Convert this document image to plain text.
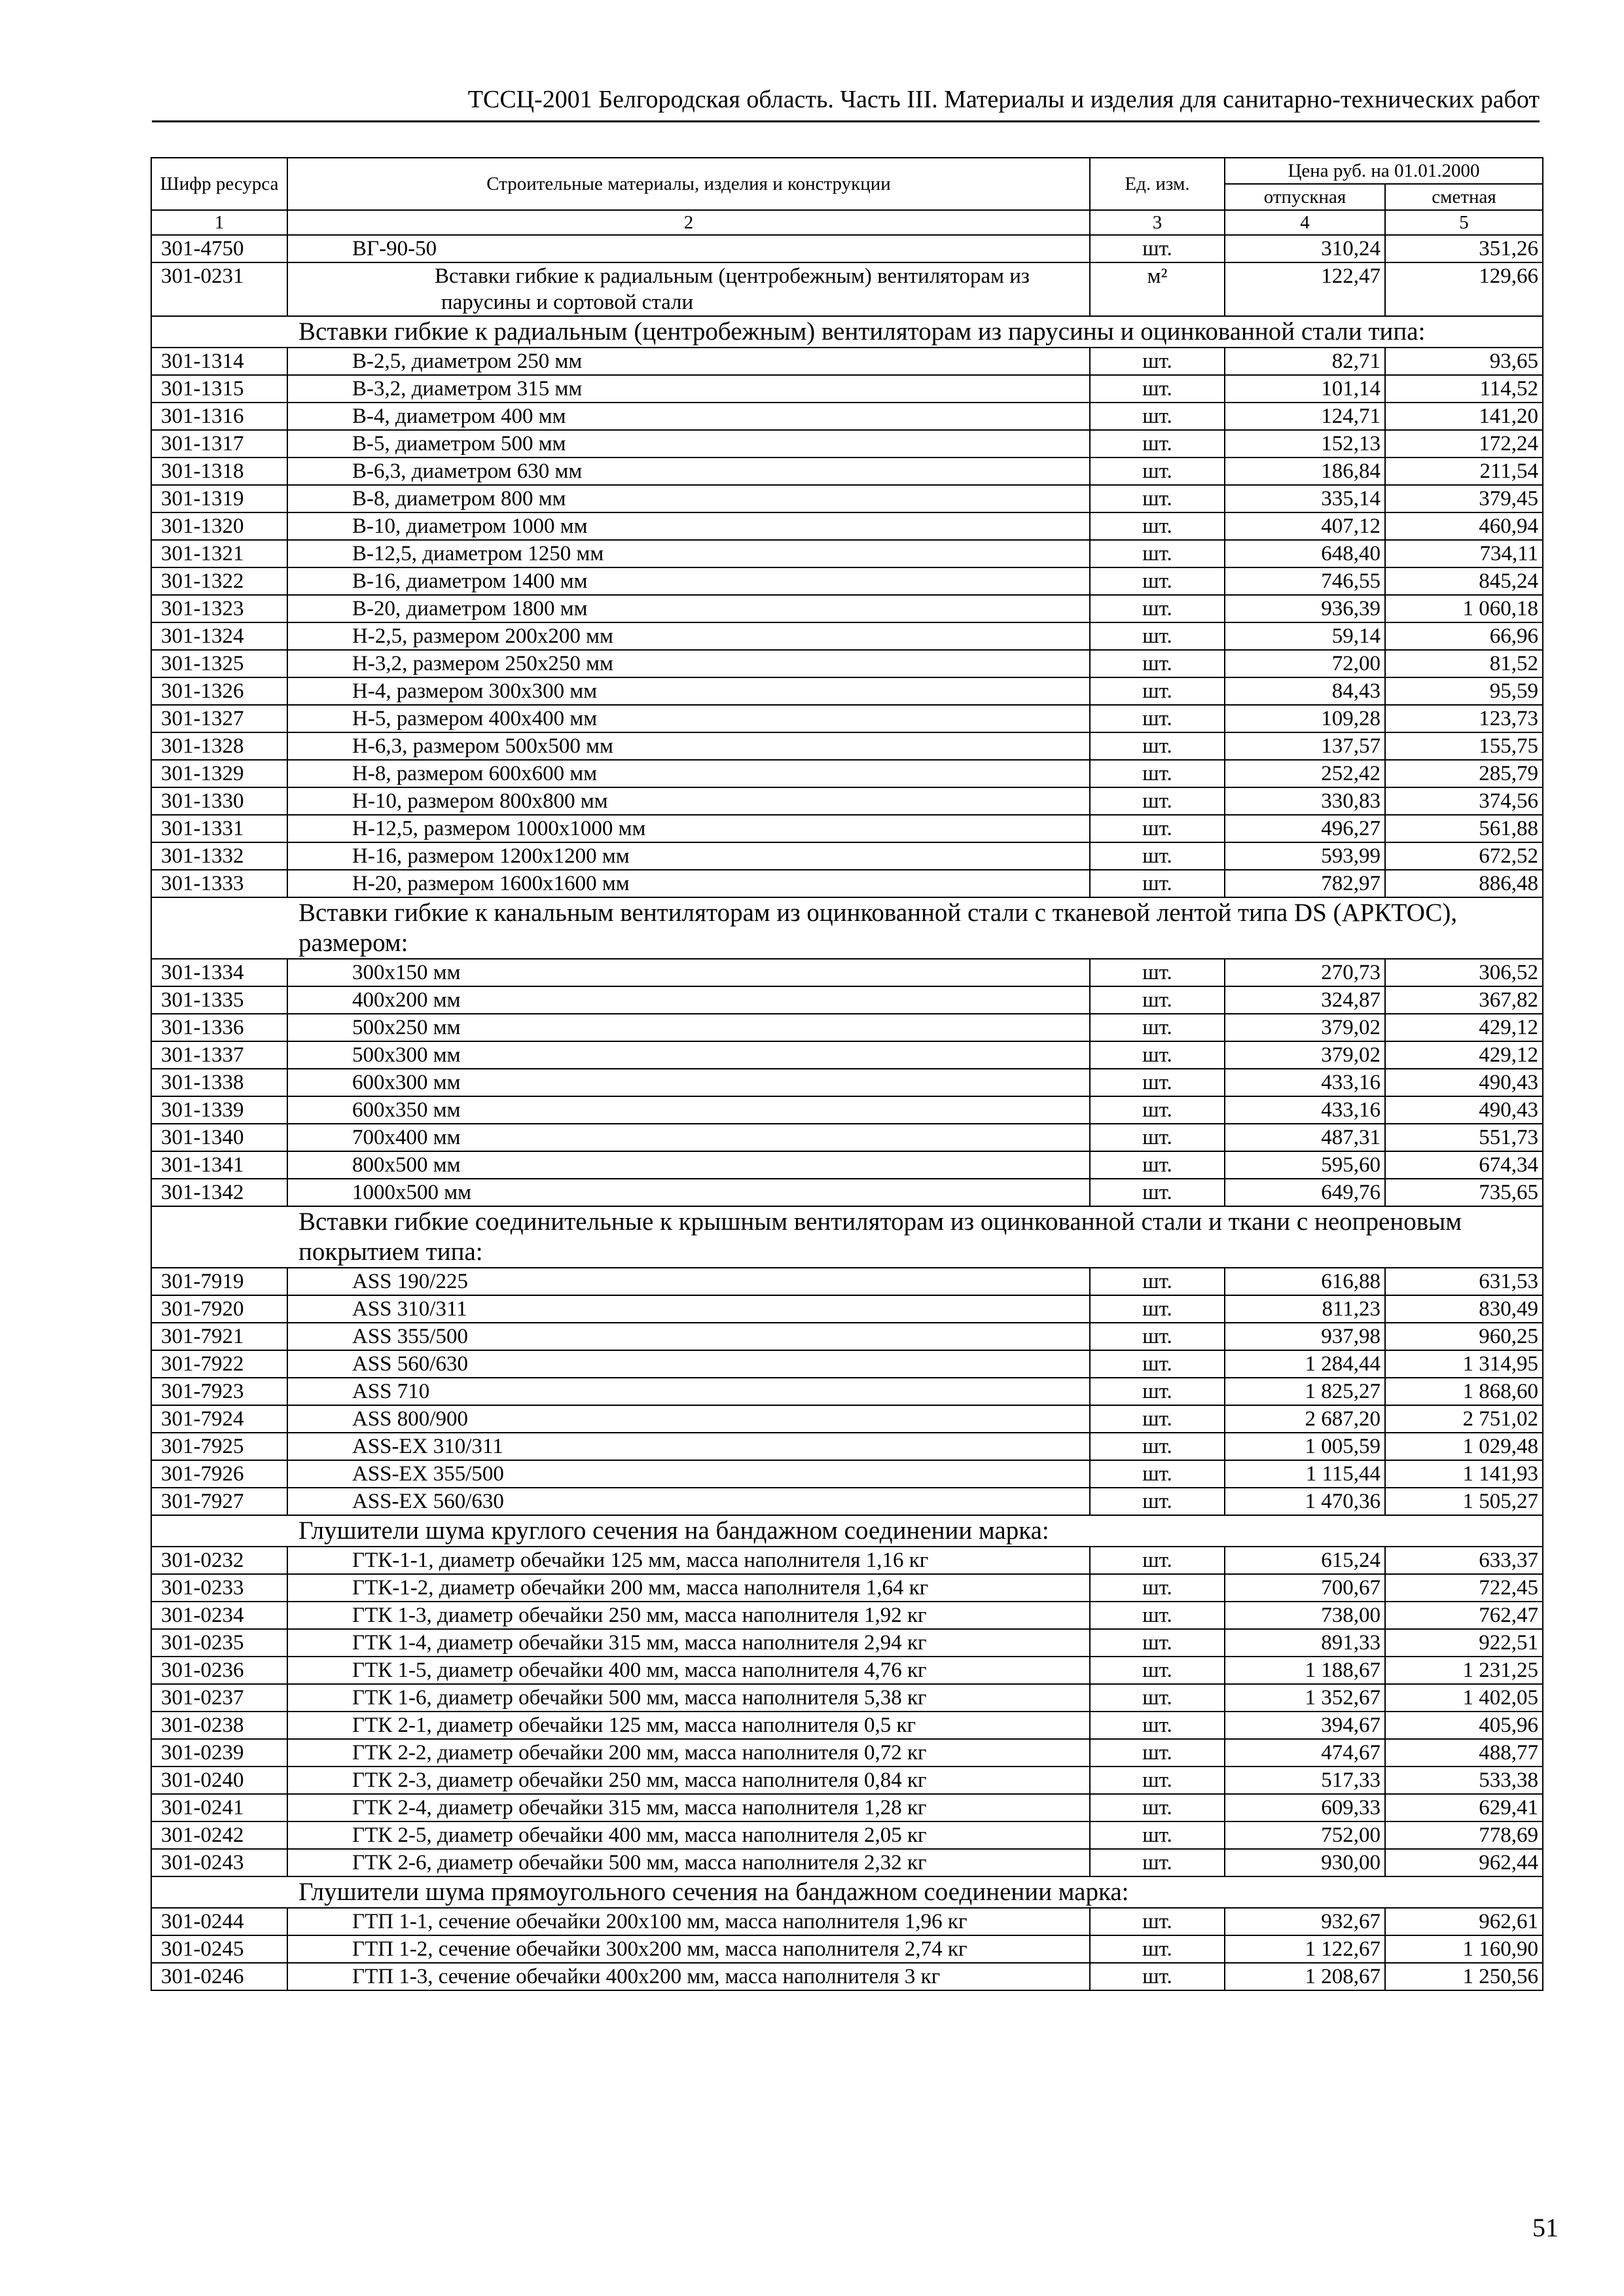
ТССЦ-2001 Белгородская область. Часть III. Материалы и изделия для санитарно-технических работ
Шифр ресурса	Строительные материалы, изделия и конструкции	Ед. изм.	Цена руб. на 01.01.2000	
			отпускная	сметная
1	2	3	4	5
301-4750	ВГ-90-50	шт.	310,24	351,26
301-0231	Вставки гибкие к радиальным (центробежным) вентиляторам из парусины и сортовой стали	м²	122,47	129,66
Вставки гибкие к радиальным (центробежным) вентиляторам из парусины и оцинкованной стали типа:				
301-1314	В-2,5, диаметром 250 мм	шт.	82,71	93,65
301-1315	В-3,2, диаметром 315 мм	шт.	101,14	114,52
301-1316	В-4, диаметром 400 мм	шт.	124,71	141,20
301-1317	В-5, диаметром 500 мм	шт.	152,13	172,24
301-1318	В-6,3, диаметром 630 мм	шт.	186,84	211,54
301-1319	В-8, диаметром 800 мм	шт.	335,14	379,45
301-1320	В-10, диаметром 1000 мм	шт.	407,12	460,94
301-1321	В-12,5, диаметром 1250 мм	шт.	648,40	734,11
301-1322	В-16, диаметром 1400 мм	шт.	746,55	845,24
301-1323	В-20, диаметром 1800 мм	шт.	936,39	1 060,18
301-1324	Н-2,5, размером 200х200 мм	шт.	59,14	66,96
301-1325	Н-3,2, размером 250х250 мм	шт.	72,00	81,52
301-1326	Н-4, размером 300х300 мм	шт.	84,43	95,59
301-1327	Н-5, размером 400х400 мм	шт.	109,28	123,73
301-1328	Н-6,3, размером 500х500 мм	шт.	137,57	155,75
301-1329	Н-8, размером 600х600 мм	шт.	252,42	285,79
301-1330	Н-10, размером 800х800 мм	шт.	330,83	374,56
301-1331	Н-12,5, размером 1000х1000 мм	шт.	496,27	561,88
301-1332	Н-16, размером 1200х1200 мм	шт.	593,99	672,52
301-1333	Н-20, размером 1600х1600 мм	шт.	782,97	886,48
Вставки гибкие к канальным вентиляторам из оцинкованной стали с тканевой лентой типа DS (АРКТОС), размером:				
301-1334	300х150 мм	шт.	270,73	306,52
301-1335	400х200 мм	шт.	324,87	367,82
301-1336	500х250 мм	шт.	379,02	429,12
301-1337	500х300 мм	шт.	379,02	429,12
301-1338	600х300 мм	шт.	433,16	490,43
301-1339	600х350 мм	шт.	433,16	490,43
301-1340	700х400 мм	шт.	487,31	551,73
301-1341	800х500 мм	шт.	595,60	674,34
301-1342	1000х500 мм	шт.	649,76	735,65
Вставки гибкие соединительные к крышным вентиляторам из оцинкованной стали и ткани с неопреновым покрытием типа:				
301-7919	ASS 190/225	шт.	616,88	631,53
301-7920	ASS 310/311	шт.	811,23	830,49
301-7921	ASS 355/500	шт.	937,98	960,25
301-7922	ASS 560/630	шт.	1 284,44	1 314,95
301-7923	ASS 710	шт.	1 825,27	1 868,60
301-7924	ASS 800/900	шт.	2 687,20	2 751,02
301-7925	ASS-EX 310/311	шт.	1 005,59	1 029,48
301-7926	ASS-EX 355/500	шт.	1 115,44	1 141,93
301-7927	ASS-EX 560/630	шт.	1 470,36	1 505,27
Глушители шума круглого сечения на бандажном соединении марка:				
301-0232	ГТК-1-1, диаметр обечайки 125 мм, масса наполнителя 1,16 кг	шт.	615,24	633,37
301-0233	ГТК-1-2, диаметр обечайки 200 мм, масса наполнителя 1,64 кг	шт.	700,67	722,45
301-0234	ГТК 1-3, диаметр обечайки 250 мм, масса наполнителя 1,92 кг	шт.	738,00	762,47
301-0235	ГТК 1-4, диаметр обечайки 315 мм, масса наполнителя 2,94 кг	шт.	891,33	922,51
301-0236	ГТК 1-5, диаметр обечайки 400 мм, масса наполнителя 4,76 кг	шт.	1 188,67	1 231,25
301-0237	ГТК 1-6, диаметр обечайки 500 мм, масса наполнителя 5,38 кг	шт.	1 352,67	1 402,05
301-0238	ГТК 2-1, диаметр обечайки 125 мм, масса наполнителя 0,5 кг	шт.	394,67	405,96
301-0239	ГТК 2-2, диаметр обечайки 200 мм, масса наполнителя 0,72 кг	шт.	474,67	488,77
301-0240	ГТК 2-3, диаметр обечайки 250 мм, масса наполнителя 0,84 кг	шт.	517,33	533,38
301-0241	ГТК 2-4, диаметр обечайки 315 мм, масса наполнителя 1,28 кг	шт.	609,33	629,41
301-0242	ГТК 2-5, диаметр обечайки 400 мм, масса наполнителя 2,05 кг	шт.	752,00	778,69
301-0243	ГТК 2-6, диаметр обечайки 500 мм, масса наполнителя 2,32 кг	шт.	930,00	962,44
Глушители шума прямоугольного сечения на бандажном соединении марка:				
301-0244	ГТП 1-1, сечение обечайки 200х100 мм, масса наполнителя 1,96 кг	шт.	932,67	962,61
301-0245	ГТП 1-2, сечение обечайки 300х200 мм, масса наполнителя 2,74 кг	шт.	1 122,67	1 160,90
301-0246	ГТП 1-3, сечение обечайки 400х200 мм, масса наполнителя 3 кг	шт.	1 208,67	1 250,56
51
